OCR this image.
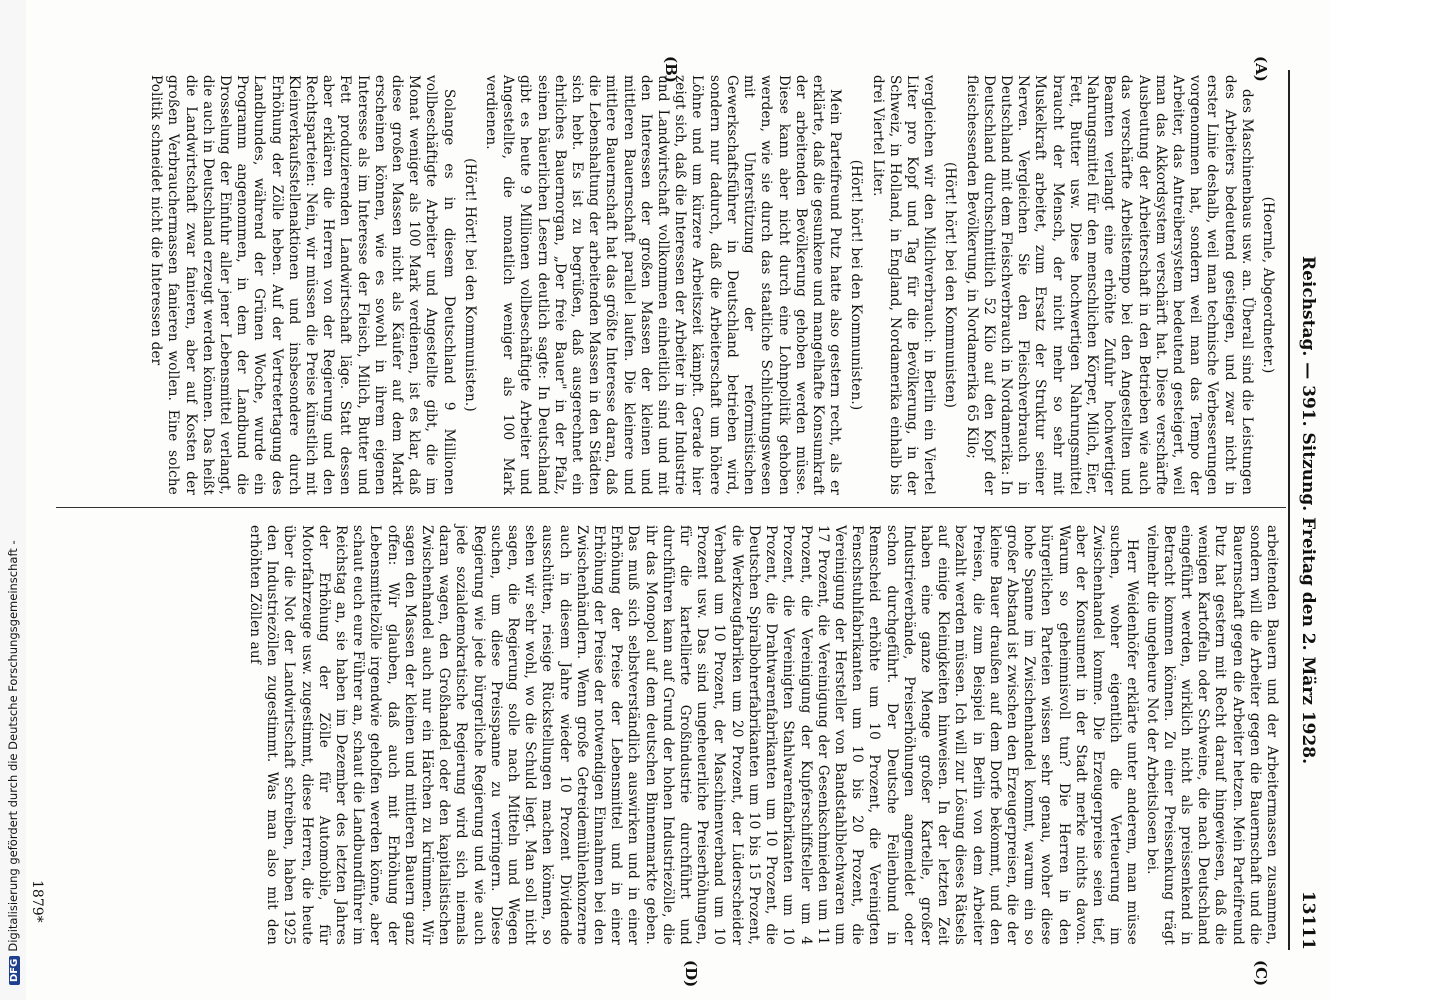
Reichstag. — 391. Sitzung. Freitag den 2. März 1928.
13111
(A)
(B)
(C)
(D)

(Hoernle, Abgeordneter.)

des Maschinenbaus usw. an. Überall sind die Leistungen des Arbeiters bedeutend gestiegen, und zwar nicht in erster Linie deshalb, weil man technische Verbesserungen vorgenommen hat, sondern weil man das Tempo der Arbeiter, das Antreibersystem bedeutend gesteigert, weil man das Akkordsystem verschärft hat. Diese verschärfte Ausbeutung der Arbeiterschaft in den Betrieben wie auch das verschärfte Arbeitstempo bei den Angestellten und Beamten verlangt eine erhöhte Zufuhr hochwertiger Nahrungsmittel für den menschlichen Körper, Milch, Eier, Fett, Butter usw. Diese hochwertigen Nahrungsmittel braucht der Mensch, der nicht mehr so sehr mit Muskelkraft arbeitet, zum Ersatz der Struktur seiner Nerven. Vergleichen Sie den Fleischverbrauch in Deutschland mit dem Fleischverbrauch in Nordamerika: In Deutschland durchschnittlich 52 Kilo auf den Kopf der fleischessenden Bevölkerung, in Nordamerika 65 Kilo;

(Hört! hört! bei den Kommunisten)

vergleichen wir den Milchverbrauch: in Berlin ein Viertel Liter pro Kopf und Tag für die Bevölkerung, in der Schweiz, in Holland, in England, Nordamerika einhalb bis drei Viertel Liter.

(Hört! hört! bei den Kommunisten.)

Mein Parteifreund Putz hatte also gestern recht, als er erklärte, daß die gesunkene und mangelhafte Konsumkraft der arbeitenden Bevölkerung gehoben werden müsse. Diese kann aber nicht durch eine Lohnpolitik gehoben werden, wie sie durch das staatliche Schlichtungswesen mit Unterstützung der reformistischen Gewerkschaftsführer in Deutschland betrieben wird, sondern nur dadurch, daß die Arbeiterschaft um höhere Löhne und um kürzere Arbeitszeit kämpft. Gerade hier zeigt sich, daß die Interessen der Arbeiter in der Industrie und Landwirtschaft vollkommen einheitlich sind und mit den Interessen der großen Massen der kleinen und mittleren Bauernschaft parallel laufen. Die kleinere und mittlere Bauernschaft hat das größte Interesse daran, daß die Lebenshaltung der arbeitenden Massen in den Städten sich hebt. Es ist zu begrüßen, daß ausgerechnet ein ehrliches Bauernorgan, „Der freie Bauer" in der Pfalz, seinen bäuerlichen Lesern deutlich sagte: In Deutschland gibt es heute 9 Millionen vollbeschäftigte Arbeiter und Angestellte, die monatlich weniger als 100 Mark verdienen.

(Hört! Hört! bei den Kommunisten.)

Solange es in diesem Deutschland 9 Millionen vollbeschäftigte Arbeiter und Angestellte gibt, die im Monat weniger als 100 Mark verdienen, ist es klar, daß diese großen Massen nicht als Käufer auf dem Markt erscheinen können, wie es sowohl in ihrem eigenen Interesse als im Interesse der Fleisch, Milch, Butter und Fett produzierenden Landwirtschaft läge. Statt dessen aber erklären die Herren von der Regierung und den Rechtsparteien: Nein, wir müssen die Preise künstlich mit Kleinverkaufsstellenaktionen und insbesondere durch Erhöhung der Zölle heben. Auf der Vertretertagung des Landbundes, während der Grünen Woche, wurde ein Programm angenommen, in dem der Landbund die Drosselung der Einfuhr aller jener Lebensmittel verlangt, die auch in Deutschland erzeugt werden können. Das heißt die Landwirtschaft zwar fanieren, aber auf Kosten der großen Verbrauchermassen fanieren wollen. Eine solche Politik schneidet nicht die Interessen der

arbeitenden Bauern und der Arbeitermassen zusammen, sondern will die Arbeiter gegen die Bauernschaft und die Bauernschaft gegen die Arbeiter hetzen. Mein Parteifreund Putz hat gestern mit Recht darauf hingewiesen, daß die wenigen Kartoffeln oder Schweine, die nach Deutschland eingeführt werden, wirklich nicht als preissenkend in Betracht kommen können. Zu einer Preissenkung trägt vielmehr die ungeheure Not der Arbeitslosen bei.

Herr Weidenhöfer erklärte unter anderem, man müsse suchen, woher eigentlich die Verteuerung im Zwischenhandel komme. Die Erzeugerpreise seien tief, aber der Konsument in der Stadt merke nichts davon. Warum so geheimnisvoll tun? Die Herren in den bürgerlichen Parteien wissen sehr genau, woher diese hohe Spanne im Zwischenhandel kommt, warum ein so großer Abstand ist zwischen den Erzeugerpreisen, die der kleine Bauer draußen auf dem Dorfe bekommt, und den Preisen, die zum Beispiel in Berlin von dem Arbeiter bezahlt werden müssen. Ich will zur Lösung dieses Rätsels auf einige Kleinigkeiten hinweisen. In der letzten Zeit haben eine ganze Menge großer Kartelle, großer Industrieverbände, Preiserhöhungen angemeldet oder schon durchgeführt. Der Deutsche Feilenbund in Remscheid erhöhte um 10 Prozent, die Vereinigten Fenschstuhlfabrikanten um 10 bis 20 Prozent, die Vereinigung der Hersteller von Bandstahlblechwaren um 17 Prozent, die Vereinigung der Gesenkschmieden um 11 Prozent, die Vereinigung der Kupferschiffsteller um 4 Prozent, die Vereinigten Stahlwarenfabrikanten um 10 Prozent, die Drahtwarenfabrikanten um 10 Prozent, die Deutschen Spiralbohrerfabrikanten um 10 bis 15 Prozent, die Werkzeugfabriken um 20 Prozent, der Lüderscheider Verband um 10 Prozent, der Maschinenverband um 10 Prozent usw. Das sind ungeheuerliche Preiserhöhungen, für die kartellierte Großindustrie durchführt und durchführen kann auf Grund der hohen Industriezölle, die ihr das Monopol auf dem deutschen Binnenmarkte geben. Das muß sich selbstverständlich auswirken und in einer Erhöhung der Preise der Lebensmittel und in einer Erhöhung der Preise der notwendigen Einnahmen bei den Zwischenhändlern. Wenn große Getreidemühlenkonzerne auch in diesem Jahre wieder 10 Prozent Dividende ausschütten, riesige Rückstellungen machen können, so sehen wir sehr wohl, wo die Schuld liegt. Man soll nicht sagen, die Regierung solle nach Mitteln und Wegen suchen, um diese Preisspanne zu verringern. Diese Regierung wie jede bürgerliche Regierung und wie auch jede sozialdemokratische Regierung wird sich niemals daran wagen, den Großhandel oder den kapitalistischen Zwischenhandel auch nur ein Härchen zu krümmen. Wir sagen den Massen der kleinen und mittleren Bauern ganz offen: Wir glauben, daß auch mit Erhöhung der Lebensmittelzölle irgendwie geholfen werden könne, aber schaut euch eure Führer an, schaut die Landbundführer im Reichstag an, sie haben im Dezember des letzten Jahres der Erhöhung der Zölle für Automobile, für Motorfahrzeuge usw. zugestimmt, diese Herren, die heute über die Not der Landwirtschaft schreiben, haben 1925 den Industriezöllen zugestimmt. Was man also mit den erhöhten Zöllen auf

1879*
DFGDigitalisierung gefördert durch die Deutsche Forschungsgemeinschaft -
